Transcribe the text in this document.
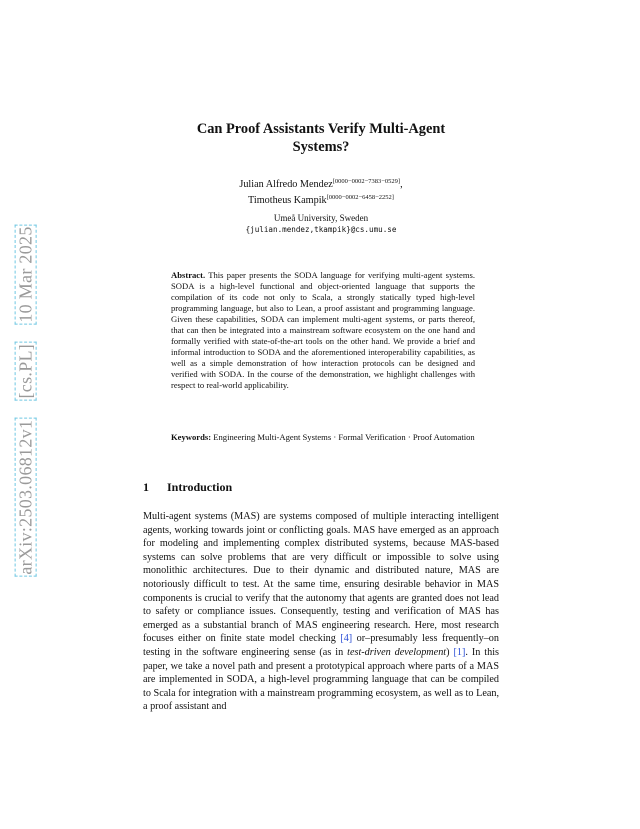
arXiv:2503.06812v1    [cs.PL]    10 Mar 2025
Can Proof Assistants Verify Multi-Agent
Systems?
Julian Alfredo Mendez[0000−0002−7383−0529],
Timotheus Kampik[0000−0002−6458−2252]
Umeå University, Sweden
{julian.mendez,tkampik}@cs.umu.se
Abstract. This paper presents the SODA language for verifying multi-agent systems. SODA is a high-level functional and object-oriented language that supports the compilation of its code not only to Scala, a strongly statically typed high-level programming language, but also to Lean, a proof assistant and programming language. Given these capabilities, SODA can implement multi-agent systems, or parts thereof, that can then be integrated into a mainstream software ecosystem on the one hand and formally verified with state-of-the-art tools on the other hand. We provide a brief and informal introduction to SODA and the aforementioned interoperability capabilities, as well as a simple demonstration of how interaction protocols can be designed and verified with SODA. In the course of the demonstration, we highlight challenges with respect to real-world applicability.
Keywords: Engineering Multi-Agent Systems · Formal Verification · Proof Automation
1 Introduction
Multi-agent systems (MAS) are systems composed of multiple interacting intelligent agents, working towards joint or conflicting goals. MAS have emerged as an approach for modeling and implementing complex distributed systems, because MAS-based systems can solve problems that are very difficult or impossible to solve using monolithic architectures. Due to their dynamic and distributed nature, MAS are notoriously difficult to test. At the same time, ensuring desirable behavior in MAS components is crucial to verify that the autonomy that agents are granted does not lead to safety or compliance issues. Consequently, testing and verification of MAS has emerged as a substantial branch of MAS engineering research. Here, most research focuses either on finite state model checking [4] or–presumably less frequently–on testing in the software engineering sense (as in test-driven development) [1]. In this paper, we take a novel path and present a prototypical approach where parts of a MAS are implemented in SODA, a high-level programming language that can be compiled to Scala for integration with a mainstream programming ecosystem, as well as to Lean, a proof assistant and
